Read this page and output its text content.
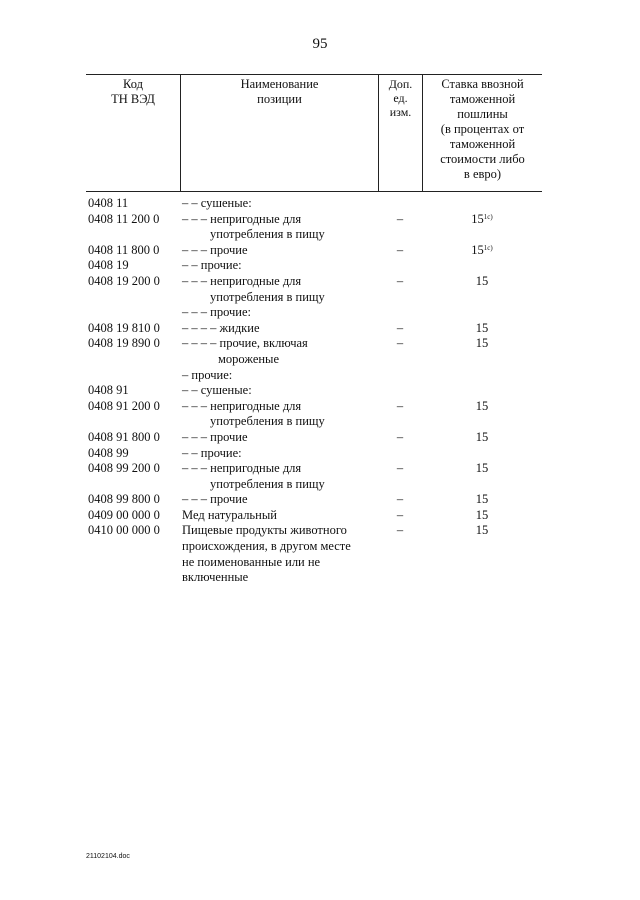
95
Код
ТН ВЭД
Наименование
позиции
Доп.
ед.
изм.
Ставка ввозной
таможенной
пошлины
(в процентах от
таможенной
стоимости либо
в евро)
0408 11	– – сушеные:
0408 11 200 0	– – – непригодные для
употребления в пищу
–	$15^{1с)}$
0408 11 800 0	– – – прочие	–	$15^{1с)}$
0408 19	– – прочие:
0408 19 200 0	– – – непригодные для
употребления в пищу
–	15
– – – прочие:
0408 19 810 0	– – – – жидкие	–	15
0408 19 890 0	– – – – прочие, включая
мороженые
–	15
– прочие:
0408 91	– – сушеные:
0408 91 200 0	– – – непригодные для
употребления в пищу
–	15
0408 91 800 0	– – – прочие	–	15
0408 99	– – прочие:
0408 99 200 0	– – – непригодные для
употребления в пищу
–	15
0408 99 800 0	– – – прочие	–	15
0409 00 000 0	Мед натуральный	–	15
0410 00 000 0	Пищевые продукты животного
происхождения, в другом месте
не поименованные или не
включенные
–	15
21102104.doc
